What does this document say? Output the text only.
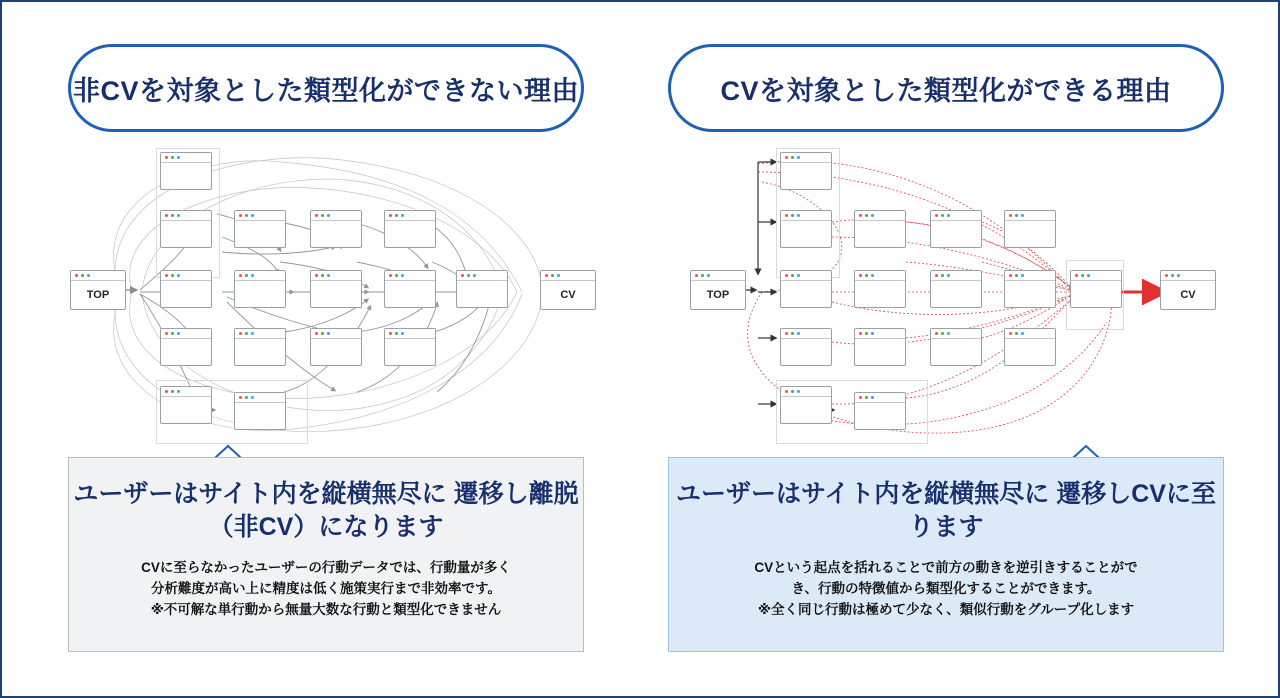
非CVを対象とした類型化ができない理由
TOP	CV
ユーザーはサイト内を縦横無尽に 遷移し離脱（非CV）になります
CVに至らなかったユーザーの行動データでは、行動量が多く
分析難度が高い上に精度は低く施策実行まで非効率です。
※不可解な単行動から無量大数な行動と類型化できません
CVを対象とした類型化ができる理由
TOP	CV
ユーザーはサイト内を縦横無尽に 遷移しCVに至ります
CVという起点を括れることで前方の動きを逆引きすることがで
き、行動の特徴値から類型化することができます。
※全く同じ行動は極めて少なく、類似行動をグループ化します
